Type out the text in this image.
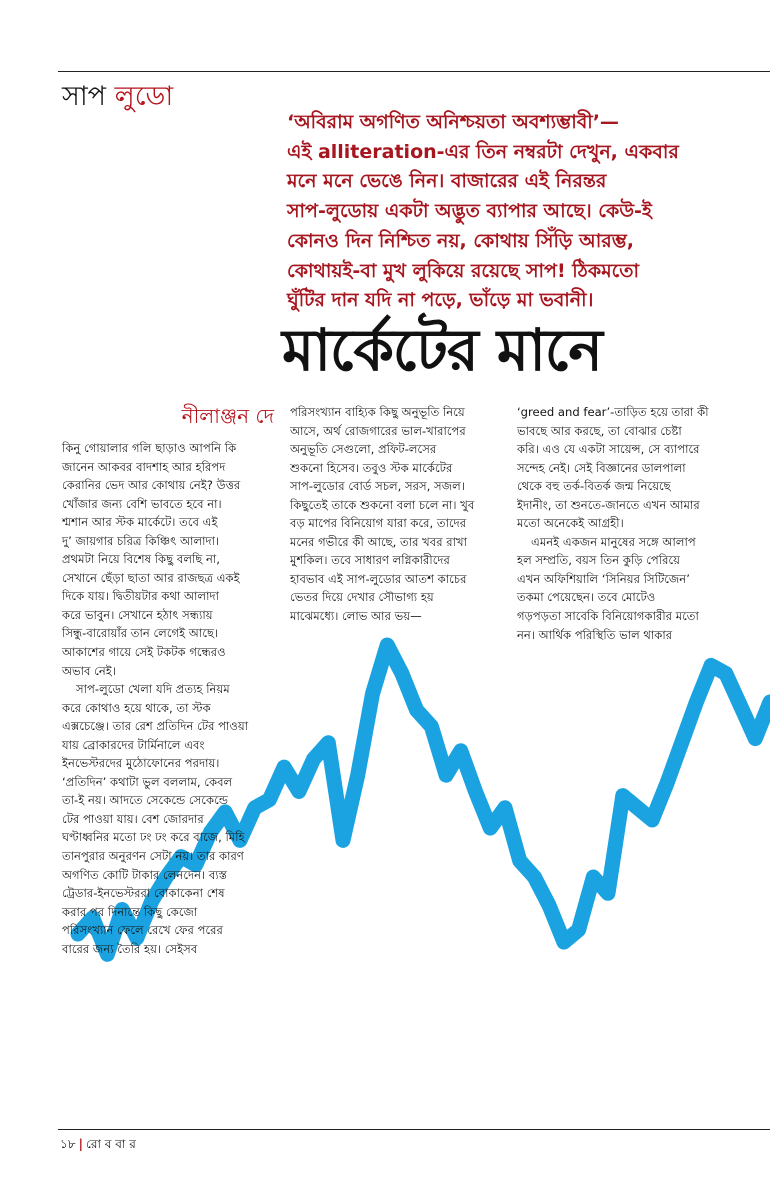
সাপ লুডো
‘অবিরাম অগণিত অনিশ্চয়তা অবশ্যম্ভাবী’—
এই alliteration-এর তিন নম্বরটা দেখুন, একবার
মনে মনে ভেঙে নিন। বাজারের এই নিরন্তর
সাপ-লুডোয় একটা অদ্ভুত ব্যাপার আছে। কেউ-ই
কোনও দিন নিশ্চিত নয়, কোথায় সিঁড়ি আরম্ভ,
কোথায়ই-বা মুখ লুকিয়ে রয়েছে সাপ! ঠিকমতো
ঘুঁটির দান যদি না পড়ে, ভাঁড়ে মা ভবানী।
মার্কেটের মানে
নীলাঞ্জন দে
কিনু গোয়ালার গলি ছাড়াও আপনি কি
জানেন আকবর বাদশাহ আর হরিপদ
কেরানির ভেদ আর কোথায় নেই? উত্তর
খোঁজার জন্য বেশি ভাবতে হবে না।
শ্মশান আর স্টক মার্কেটে। তবে এই
দু’ জায়গার চরিত্র কিঞ্চিৎ আলাদা।
প্রথমটা নিয়ে বিশেষ কিছু বলছি না,
সেখানে ছেঁড়া ছাতা আর রাজছত্র একই
দিকে যায়। দ্বিতীয়টার কথা আলাদা
করে ভাবুন। সেখানে হঠাৎ সন্ধ্যায়
সিন্ধু-বারোয়াঁর তান লেগেই আছে।
আকাশের গায়ে সেই টকটক গন্ধেরও
অভাব নেই।
সাপ-লুডো খেলা যদি প্রত্যহ নিয়ম
করে কোথাও হয়ে থাকে, তা স্টক
এক্সচেঞ্জে। তার রেশ প্রতিদিন টের পাওয়া
যায় ব্রোকারদের টার্মিনালে এবং
ইনভেস্টরদের মুঠোফোনের পরদায়।
‘প্রতিদিন’ কথাটা ভুল বললাম, কেবল
তা-ই নয়। আদতে সেকেন্ডে সেকেন্ডে
টের পাওয়া যায়। বেশ জোরদার
ঘণ্টাধ্বনির মতো ঢং ঢং করে বাজে, মিহি
তানপুরার অনুরণন সেটা নয়। তার কারণ
অগণিত কোটি টাকার লেনদেন। ব্যস্ত
ট্রেডার-ইনভেস্টররা বোকাকেনা শেষ
করার পর দিনান্তে কিছু কেজো
পরিসংখ্যান ফেলে রেখে ফের পরের
বারের জন্য তৈরি হয়। সেইসব
পরিসংখ্যান বাহ্যিক কিছু অনুভূতি নিয়ে
আসে, অর্থ রোজগারের ভাল-খারাপের
অনুভূতি সেগুলো, প্রফিট-লসের
শুকনো হিসেব। তবুও স্টক মার্কেটের
সাপ-লুডোর বোর্ড সচল, সরস, সজল।
কিছুতেই তাকে শুকনো বলা চলে না। খুব
বড় মাপের বিনিয়োগ যারা করে, তাদের
মনের গভীরে কী আছে, তার খবর রাখা
মুশকিল। তবে সাধারণ লগ্নিকারীদের
হাবভাব এই সাপ-লুডোর আতশ কাচের
ভেতর দিয়ে দেখার সৌভাগ্য হয়
মাঝেমধ্যে। লোভ আর ভয়—
‘greed and fear’-তাড়িত হয়ে তারা কী
ভাবছে আর করছে, তা বোঝার চেষ্টা
করি। এও যে একটা সায়েন্স, সে ব্যাপারে
সন্দেহ নেই। সেই বিজ্ঞানের ডালপালা
থেকে বহু তর্ক-বিতর্ক জন্ম নিয়েছে
ইদানীং, তা শুনতে-জানতে এখন আমার
মতো অনেকেই আগ্রহী।
এমনই একজন মানুষের সঙ্গে আলাপ
হল সম্প্রতি, বয়স তিন কুড়ি পেরিয়ে
এখন অফিশিয়ালি ‘সিনিয়র সিটিজেন’
তকমা পেয়েছেন। তবে মোটেও
গড়পড়তা সাবেকি বিনিয়োগকারীর মতো
নন। আর্থিক পরিস্থিতি ভাল থাকার
১৮ | রো ব বা র
